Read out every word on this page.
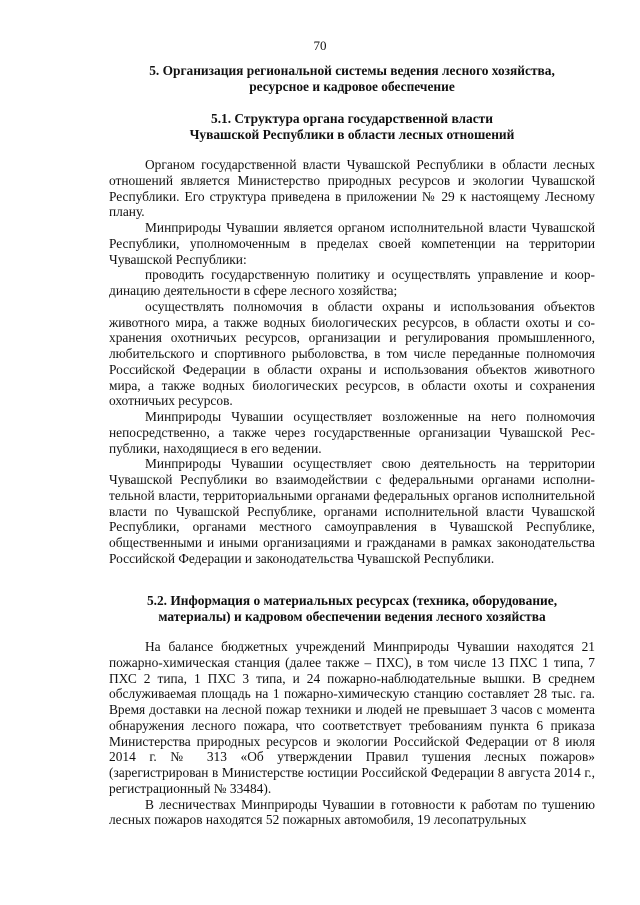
70
5. Организация региональной системы ведения лесного хозяйства,
ресурсное и кадровое обеспечение
5.1. Структура органа государственной власти
Чувашской Республики в области лесных отношений

Органом государственной власти Чувашской Республики в области лесных отношений является Министерство природных ресурсов и экологии Чувашской Республики. Его структура приведена в приложении № 29 к настоящему Лесному плану.

Минприроды Чувашии является органом исполнительной власти Чувашской Республики, уполномоченным в пределах своей компетенции на территории Чувашской Республики:

проводить государственную политику и осуществлять управление и координацию деятельности в сфере лесного хозяйства;

осуществлять полномочия в области охраны и использования объектов животного мира, а также водных биологических ресурсов, в области охоты и сохранения охотничьих ресурсов, организации и регулирования промышленного, любительского и спортивного рыболовства, в том числе переданные полномочия Российской Федерации в области охраны и использования объектов животного мира, а также водных биологических ресурсов, в области охоты и сохранения охотничьих ресурсов.

Минприроды Чувашии осуществляет возложенные на него полномочия непосредственно, а также через государственные организации Чувашской Республики, находящиеся в его ведении.

Минприроды Чувашии осуществляет свою деятельность на территории Чувашской Республики во взаимодействии с федеральными органами исполнительной власти, территориальными органами федеральных органов исполнительной власти по Чувашской Республике, органами исполнительной власти Чувашской Республики, органами местного самоуправления в Чувашской Республике, общественными и иными организациями и гражданами в рамках законодательства Российской Федерации и законодательства Чувашской Республики.

5.2. Информация о материальных ресурсах (техника, оборудование,
материалы) и кадровом обеспечении ведения лесного хозяйства

На балансе бюджетных учреждений Минприроды Чувашии находятся 21 пожарно-химическая станция (далее также – ПХС), в том числе 13 ПХС 1 типа, 7 ПХС 2 типа, 1 ПХС 3 типа, и 24 пожарно-наблюдательные вышки. В среднем обслуживаемая площадь на 1 пожарно-химическую станцию составляет 28 тыс. га. Время доставки на лесной пожар техники и людей не превышает 3 часов с момента обнаружения лесного пожара, что соответствует требованиям пункта 6 приказа Министерства природных ресурсов и экологии Российской Федерации от 8 июля 2014 г. № 313 «Об утверждении Правил тушения лесных пожаров» (зарегистрирован в Министерстве юстиции Российской Федерации 8 августа 2014 г., регистрационный № 33484).

В лесничествах Минприроды Чувашии в готовности к работам по тушению лесных пожаров находятся 52 пожарных автомобиля, 19 лесопатрульных
